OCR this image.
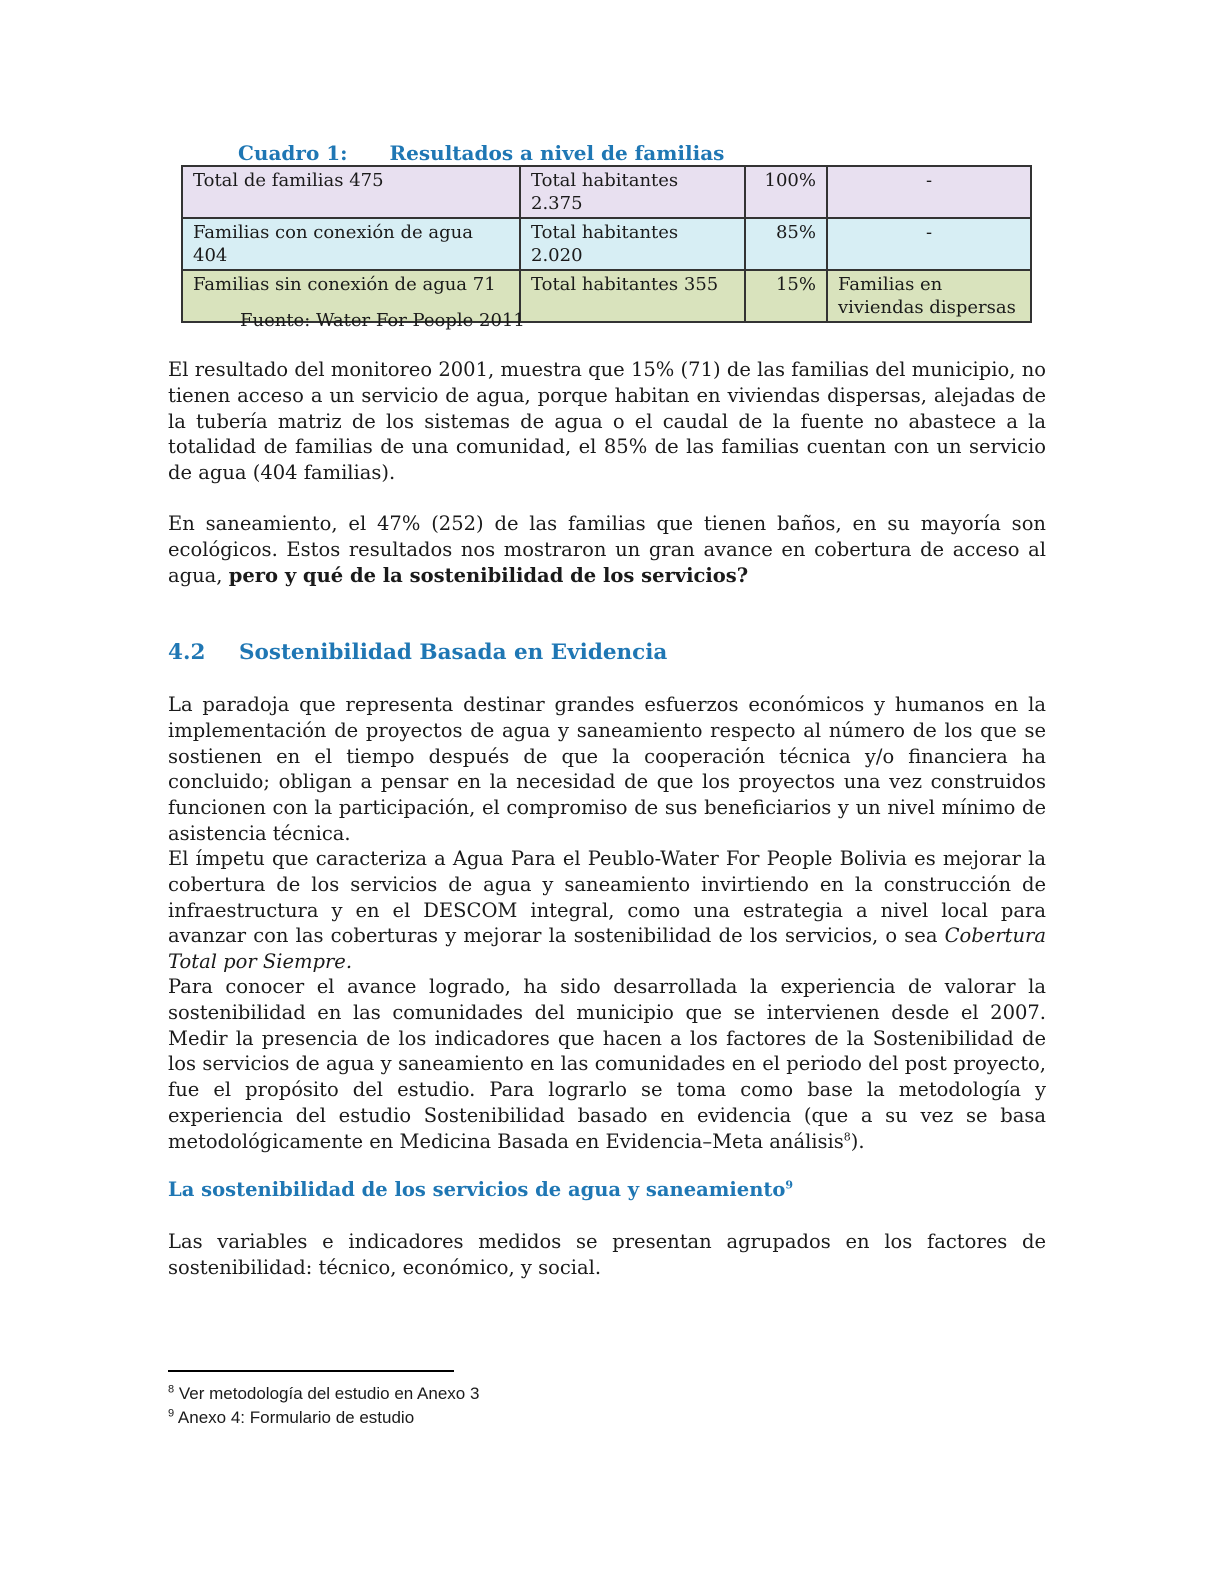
Cuadro 1: Resultados a nivel de familias
Total de familias 475	Total habitantes 2.375	100%	-
Familias con conexión de agua 404	Total habitantes 2.020	85%	-
Familias sin conexión de agua 71	Total habitantes 355	15%	Familias en viviendas dispersas
Fuente: Water For People 2011

El resultado del monitoreo 2001, muestra que 15% (71) de las familias del municipio, no tienen acceso a un servicio de agua, porque habitan en viviendas dispersas, alejadas de la tubería matriz de los sistemas de agua o el caudal de la fuente no abastece a la totalidad de familias de una comunidad, el 85% de las familias cuentan con un servicio de agua (404 familias).

En saneamiento, el 47% (252) de las familias que tienen baños, en su mayoría son ecológicos. Estos resultados nos mostraron un gran avance en cobertura de acceso al agua, pero y qué de la sostenibilidad de los servicios?

4.2 Sostenibilidad Basada en Evidencia

La paradoja que representa destinar grandes esfuerzos económicos y humanos en la implementación de proyectos de agua y saneamiento respecto al número de los que se sostienen en el tiempo después de que la cooperación técnica y/o financiera ha concluido; obligan a pensar en la necesidad de que los proyectos una vez construidos funcionen con la participación, el compromiso de sus beneficiarios y un nivel mínimo de asistencia técnica.

El ímpetu que caracteriza a Agua Para el Peublo-Water For People Bolivia es mejorar la cobertura de los servicios de agua y saneamiento invirtiendo en la construcción de infraestructura y en el DESCOM integral, como una estrategia a nivel local para avanzar con las coberturas y mejorar la sostenibilidad de los servicios, o sea Cobertura Total por Siempre.

Para conocer el avance logrado, ha sido desarrollada la experiencia de valorar la sostenibilidad en las comunidades del municipio que se intervienen desde el 2007. Medir la presencia de los indicadores que hacen a los factores de la Sostenibilidad de los servicios de agua y saneamiento en las comunidades en el periodo del post proyecto, fue el propósito del estudio. Para lograrlo se toma como base la metodología y experiencia del estudio Sostenibilidad basado en evidencia (que a su vez se basa metodológicamente en Medicina Basada en Evidencia–Meta análisis$^8$).

La sostenibilidad de los servicios de agua y saneamiento$^9$

Las variables e indicadores medidos se presentan agrupados en los factores de sostenibilidad: técnico, económico, y social.

$^8$ Ver metodología del estudio en Anexo 3
$^9$ Anexo 4: Formulario de estudio
